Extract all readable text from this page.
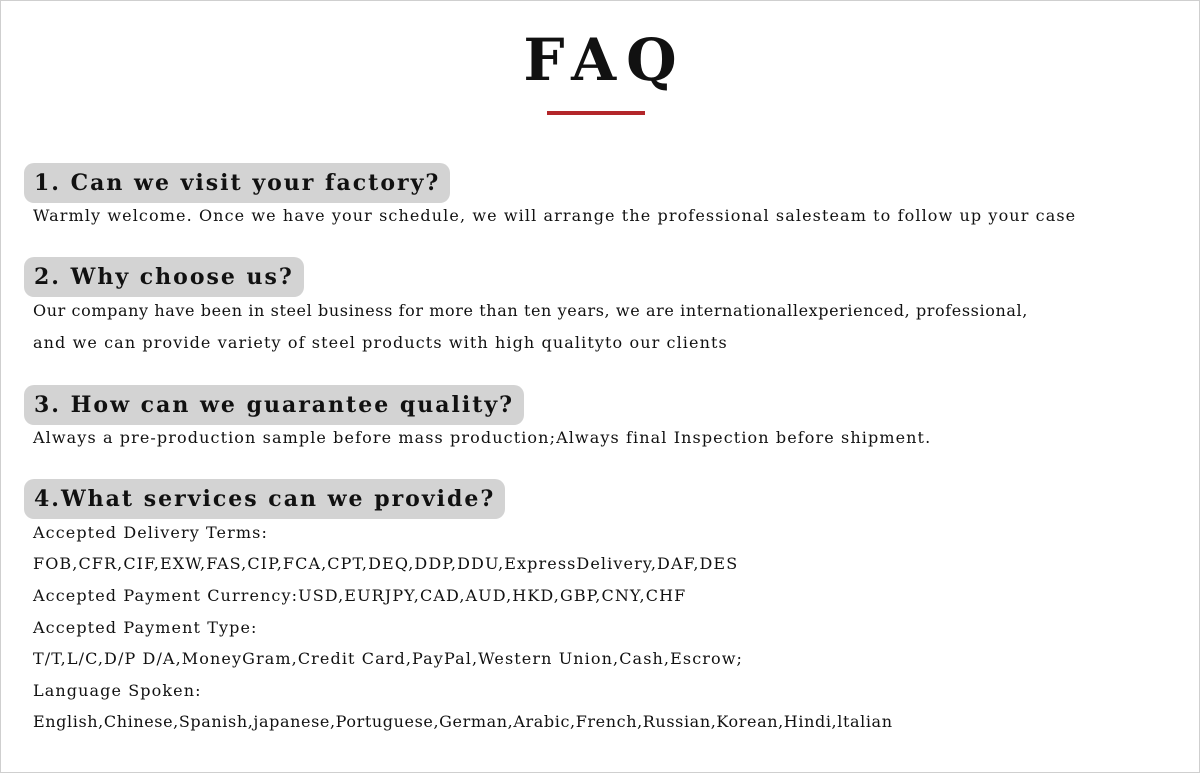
FAQ
1. Can we visit your factory?
Warmly welcome. Once we have your schedule, we will arrange the professional salesteam to follow up your case
2. Why choose us?
Our company have been in steel business for more than ten years, we are internationallexperienced, professional,
and we can provide variety of steel products with high qualityto our clients
3. How can we guarantee quality?
Always a pre-production sample before mass production;Always final Inspection before shipment.
4.What services can we provide?
Accepted Delivery Terms:
FOB,CFR,CIF,EXW,FAS,CIP,FCA,CPT,DEQ,DDP,DDU,ExpressDelivery,DAF,DES
Accepted Payment Currency:USD,EURJPY,CAD,AUD,HKD,GBP,CNY,CHF
Accepted Payment Type:
T/T,L/C,D/P D/A,MoneyGram,Credit Card,PayPal,Western Union,Cash,Escrow;
Language Spoken:
English,Chinese,Spanish,japanese,Portuguese,German,Arabic,French,Russian,Korean,Hindi,ltalian
